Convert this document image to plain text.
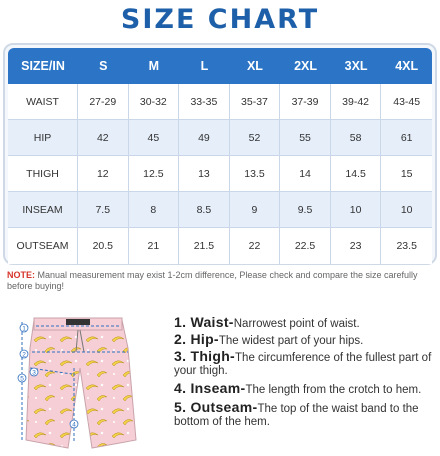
SIZE CHART
SIZE/IN	S	M	L	XL	2XL	3XL	4XL
WAIST	27-29	30-32	33-35	35-37	37-39	39-42	43-45
HIP	42	45	49	52	55	58	61
THIGH	12	12.5	13	13.5	14	14.5	15
INSEAM	7.5	8	8.5	9	9.5	10	10
OUTSEAM	20.5	21	21.5	22	22.5	23	23.5
NOTE: Manual measurement may exist 1-2cm difference, Please check and compare the size carefully before buying!
1
2
3
4
5
1. Waist-Narrowest point of waist.
2. Hip-The widest part of your hips.
3. Thigh-The circumference of the fullest part of your thigh.
4. Inseam-The length from the crotch to hem.
5. Outseam-The top of the waist band to the bottom of the hem.
